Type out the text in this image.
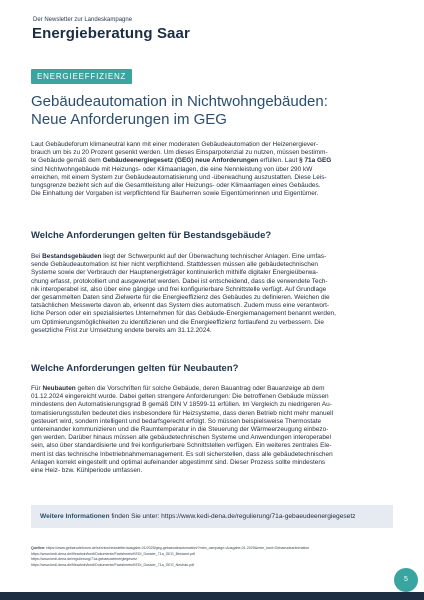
Der Newsletter zur Landeskampagne
Energieberatung Saar
ENERGIEEFFIZIENZ
Gebäudeautomation in Nichtwohngebäuden:
Neue Anforderungen im GEG
Laut Gebäudeforum klimaneutral kann mit einer moderaten Gebäudeautomation der Heizenergiever-
brauch um bis zu 20 Prozent gesenkt werden. Um dieses Einsparpotenzial zu nutzen, müssen bestimm-
te Gebäude gemäß dem Gebäudeenergiegesetz (GEG) neue Anforderungen erfüllen. Laut § 71a GEG
sind Nichtwohngebäude mit Heizungs- oder Klimaanlagen, die eine Nennleistung von über 290 kW
erreichen, mit einem System zur Gebäudeautomatisierung und -überwachung auszustatten. Diese Leis-
tungsgrenze bezieht sich auf die Gesamtleistung aller Heizungs- oder Klimaanlagen eines Gebäudes.
Die Einhaltung der Vorgaben ist verpflichtend für Bauherren sowie Eigentümerinnen und Eigentümer.
Welche Anforderungen gelten für Bestandsgebäude?
Bei Bestandsgebäuden liegt der Schwerpunkt auf der Überwachung technischer Anlagen. Eine umfas-
sende Gebäudeautomation ist hier nicht verpflichtend. Stattdessen müssen alle gebäudetechnischen
Systeme sowie der Verbrauch der Hauptenergieträger kontinuierlich mithilfe digitaler Energieüberwa-
chung erfasst, protokolliert und ausgewertet werden. Dabei ist entscheidend, dass die verwendete Tech-
nik interoperabel ist, also über eine gängige und frei konfigurierbare Schnittstelle verfügt. Auf Grundlage
der gesammelten Daten sind Zielwerte für die Energieeffizienz des Gebäudes zu definieren. Weichen die
tatsächlichen Messwerte davon ab, erkennt das System dies automatisch. Zudem muss eine verantwort-
liche Person oder ein spezialisiertes Unternehmen für das Gebäude-Energiemanagement benannt werden,
um Optimierungsmöglichkeiten zu identifizieren und die Energieeffizienz fortlaufend zu verbessern. Die
gesetzliche Frist zur Umsetzung endete bereits am 31.12.2024.
Welche Anforderungen gelten für Neubauten?
Für Neubauten gelten die Vorschriften für solche Gebäude, deren Bauantrag oder Bauanzeige ab dem
01.12.2024 eingereicht wurde. Dabei gelten strengere Anforderungen: Die betroffenen Gebäude müssen
mindestens den Automatisierungsgrad B gemäß DIN V 18599-11 erfüllen. Im Vergleich zu niedrigeren Au-
tomatisierungsstufen bedeutet dies insbesondere für Heizsysteme, dass deren Betrieb nicht mehr manuell
gesteuert wird, sondern intelligent und bedarfsgerecht erfolgt. So müssen beispielsweise Thermostate
untereinander kommunizieren und die Raumtemperatur in die Steuerung der Wärmeerzeugung einbezo-
gen werden. Darüber hinaus müssen alle gebäudetechnischen Systeme und Anwendungen interoperabel
sein, also über standardisierte und frei konfigurierbare Schnittstellen verfügen. Ein weiteres zentrales Ele-
ment ist das technische Inbetriebnahmemanagement. Es soll sicherstellen, dass alle gebäudetechnischen
Anlagen korrekt eingestellt und optimal aufeinander abgestimmt sind. Dieser Prozess sollte mindestens
eine Heiz- bzw. Kühlperiode umfassen.
Weitere Informationen finden Sie unter: https://www.kedi-dena.de/regulierung/71a-gebaeudeenergiegesetz
Quellen: https://www.gebaeudeforum.de/service/newsletter/ausgabe-01/2025/geg-gebaeudeautomation/?mtm_campaign=Ausgabe-01-2025&mtm_kwd=Gebaeudeautomation
https://www.kedi-dena.de/fileadmin/kedi/Dokumente/Factsheets/KEDI_Dossier_71a_GEG_Bestand.pdf
https://www.kedi-dena.de/regulierung/71a-gebaeudeenergiegesetz
https://www.kedi-dena.de/fileadmin/kedi/Dokumente/Factsheets/KEDI_Dossier_71a_GEG_Neubau.pdf
5
